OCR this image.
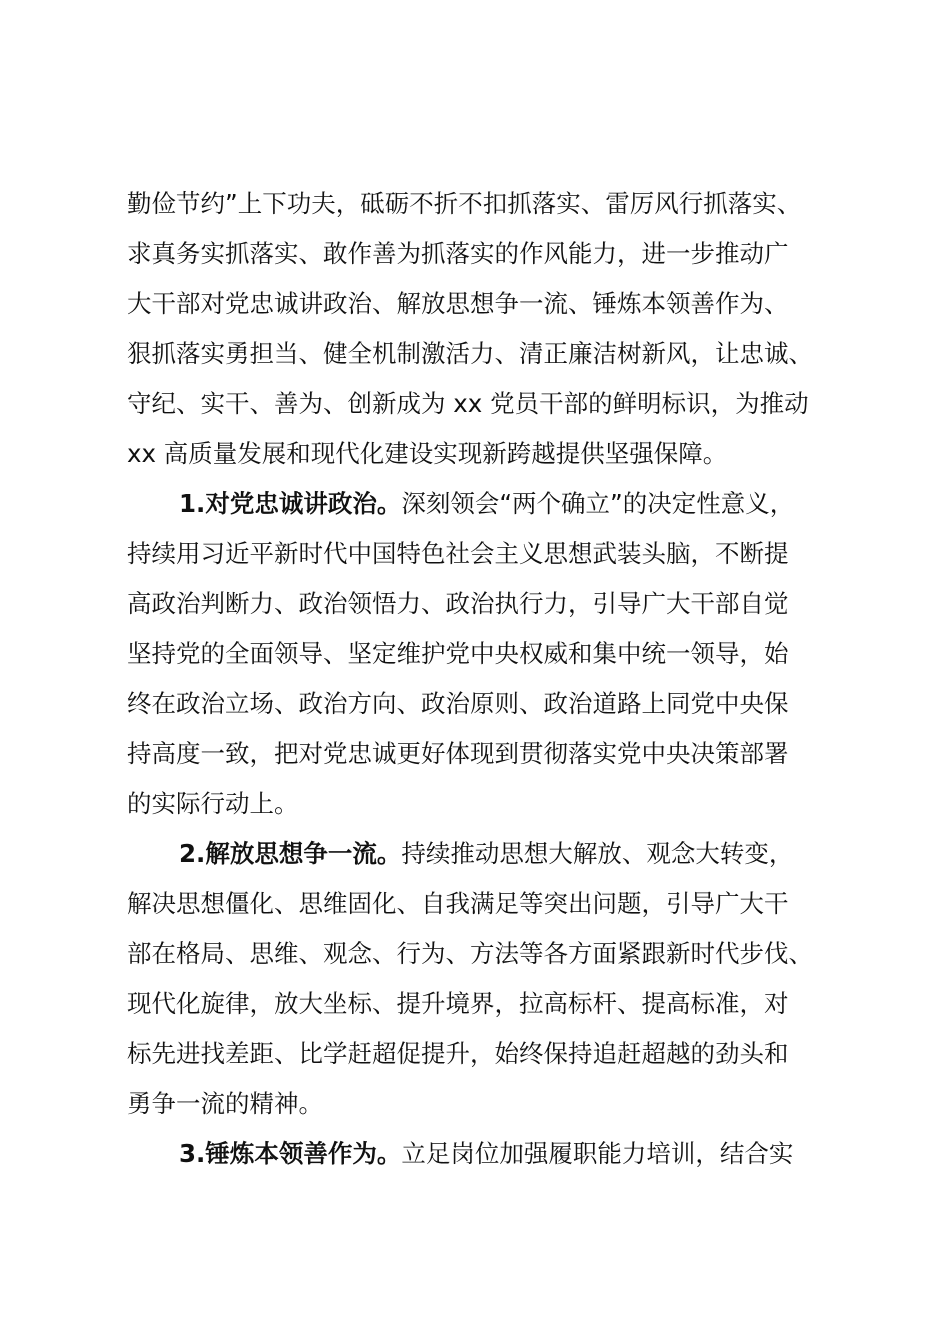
勤俭节约”上下功夫，砥砺不折不扣抓落实、雷厉风行抓落实、
求真务实抓落实、敢作善为抓落实的作风能力，进一步推动广
大干部对党忠诚讲政治、解放思想争一流、锤炼本领善作为、
狠抓落实勇担当、健全机制激活力、清正廉洁树新风，让忠诚、
守纪、实干、善为、创新成为 xx 党员干部的鲜明标识，为推动
xx 高质量发展和现代化建设实现新跨越提供坚强保障。
1.对党忠诚讲政治。深刻领会“两个确立”的决定性意义，
持续用习近平新时代中国特色社会主义思想武装头脑，不断提
高政治判断力、政治领悟力、政治执行力，引导广大干部自觉
坚持党的全面领导、坚定维护党中央权威和集中统一领导，始
终在政治立场、政治方向、政治原则、政治道路上同党中央保
持高度一致，把对党忠诚更好体现到贯彻落实党中央决策部署
的实际行动上。
2.解放思想争一流。持续推动思想大解放、观念大转变，
解决思想僵化、思维固化、自我满足等突出问题，引导广大干
部在格局、思维、观念、行为、方法等各方面紧跟新时代步伐、
现代化旋律，放大坐标、提升境界，拉高标杆、提高标准，对
标先进找差距、比学赶超促提升，始终保持追赶超越的劲头和
勇争一流的精神。
3.锤炼本领善作为。立足岗位加强履职能力培训，结合实
